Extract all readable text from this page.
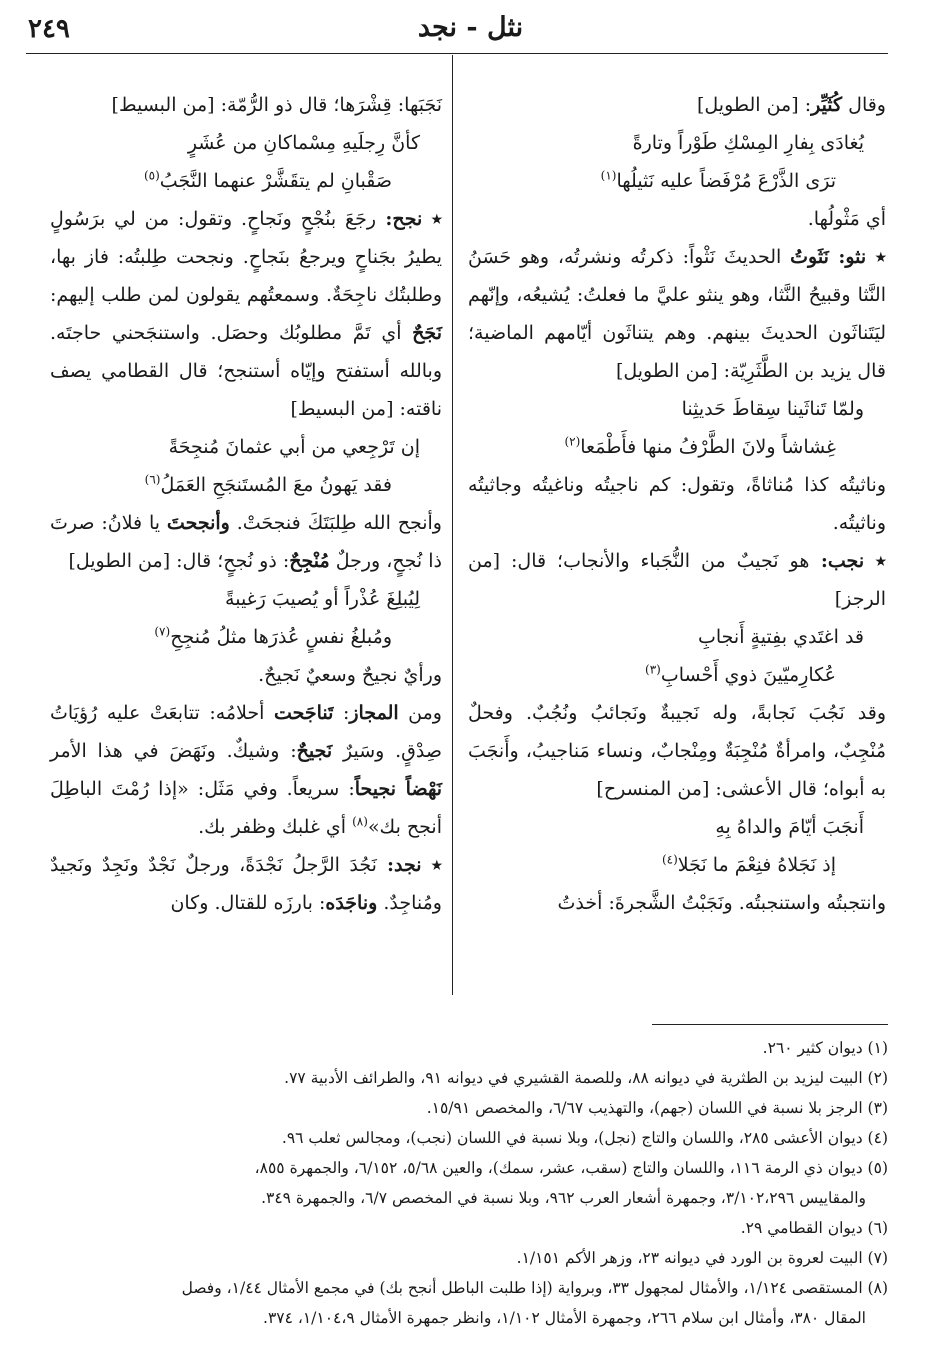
٢٤٩	نثل - نجد

وقال كُثَيِّر: [من الطويل]

يُغادَى بِفارِ المِسْكِ طَوْراً وتارةً

ترَى الذَّرْعَ مُرْفَضاً عليه نَثيلُها$^{(١)}$

أي مَثْولُها.

٭ نثو: نَثَوتُ الحديثَ نَثْواً: ذكرتُه ونشرتُه، وهو حَسَنُ النَّثا وقبيحُ النَّثا، وهو ينثو عليَّ ما فعلتُ: يُشيعُه، وإنّهم ليَتَناثَون الحديثَ بينهم. وهم يتناثَون أيّامهم الماضية؛ قال يزيد بن الطَّثَرِيّة: [من الطويل]

ولمّا تَناثَينا سِقاطَ حَديثِنا

غِشاشاً ولانَ الطَّرْفُ منها فأَطْمَعا$^{(٢)}$

وناثيتُه كذا مُناثاةً، وتقول: كم ناجيتُه وناغيتُه وجاثيتُه وناثيتُه.

٭ نجب: هو نَجيبٌ من النُّجَباء والأنجاب؛ قال: [من الرجز]

قد اغتَدي بفِتيةٍ أَنجابِ

عُكارِميّينَ ذوي أَحْسابِ$^{(٣)}$

وقد نَجُبَ نَجابةً، وله نَجيبةٌ ونَجائبُ ونُجُبٌ. وفحلٌ مُنْجِبٌ، وامرأةٌ مُنْجِبَةٌ ومِنْجابٌ، ونساء مَناجيبُ، وأَنجَبَ به أبواه؛ قال الأعشى: [من المنسرح]

أَنجَبَ أيّامَ والداهُ بِهِ

إذ نَجَلاهُ فنِعْمَ ما نَجَلا$^{(٤)}$

وانتجبتُه واستنجبتُه. ونَجَبْتُ الشَّجرةَ: أخذتُ

نَجَبَها: قِشْرَها؛ قال ذو الرُّمّة: [من البسيط]

كأنَّ رِجلَيهِ مِسْماكانِ من عُشَرٍ

صَقْبانِ لم يتقَشَّرْ عنهما النَّجَبُ$^{(٥)}$

٭ نجح: رجَعَ بنُجْحٍ ونَجاحٍ. وتقول: من لي برَسُولٍ يطيرُ بجَناحٍ ويرجعُ بنَجاحٍ. ونجحت طِلبتُه: فاز بها، وطلبتُك ناجِحَةٌ. وسمعتُهم يقولون لمن طلب إليهم: نَجَحٌ أي تَمَّ مطلوبُك وحصَل. واستنجَحني حاجتَه. وبالله أستفتح وإيّاه أستنجح؛ قال القطامي يصف ناقته: [من البسيط]

إن تَرْجِعي من أبي عثمانَ مُنجِحَةً

فقد يَهونُ معَ المُستَنجَحِ العَمَلُ$^{(٦)}$

وأنجح الله طِلبَتَكَ فنجحَتْ. وأنجحتَ يا فلانُ: صرتَ ذا نُجحٍ، ورجلٌ مُنْجِحٌ: ذو نُجحٍ؛ قال: [من الطويل]

لِيُبلِغَ عُذْراً أو يُصيبَ رَغيبةً

ومُبلغُ نفسٍ عُذرَها مثلُ مُنجِحِ$^{(٧)}$

ورأيٌ نجيحٌ وسعيٌ نَجيحٌ.

ومن المجاز: تَناجَحت أحلامُه: تتابعَتْ عليه رُؤيَاتُ صِدْقٍ. وسَيرٌ نَجيحٌ: وشيكٌ. ونَهَضَ في هذا الأمر نَهْضاً نجيحاً: سريعاً. وفي مَثَل: «إذا رُمْتَ الباطِلَ أنجح بك»$^{(٨)}$ أي غلبك وظفر بك.

٭ نجد: نَجُدَ الرَّجلُ نَجْدَةً، ورجلٌ نَجْدٌ ونَجِدٌ ونَجيدٌ ومُناجِدٌ. وناجَدَه: بارزَه للقتال. وكان

(١) ديوان كثير ٢٦٠.

(٢) البيت ليزيد بن الطثرية في ديوانه ٨٨، وللصمة القشيري في ديوانه ٩١، والطرائف الأدبية ٧٧.

(٣) الرجز بلا نسبة في اللسان (جهم)، والتهذيب ٦/٦٧، والمخصص ١٥/٩١.

(٤) ديوان الأعشى ٢٨٥، واللسان والتاج (نجل)، وبلا نسبة في اللسان (نجب)، ومجالس ثعلب ٩٦.

(٥) ديوان ذي الرمة ١١٦، واللسان والتاج (سقب، عشر، سمك)، والعين ٥/٦٨، ٦/١٥٢، والجمهرة ٨٥٥،

والمقاييس ٣/١٠٢،٢٩٦، وجمهرة أشعار العرب ٩٦٢، وبلا نسبة في المخصص ٦/٧، والجمهرة ٣٤٩.

(٦) ديوان القطامي ٢٩.

(٧) البيت لعروة بن الورد في ديوانه ٢٣، وزهر الأكم ١/١٥١.

(٨) المستقصى ١/١٢٤، والأمثال لمجهول ٣٣، وبرواية (إذا طلبت الباطل أنجح بك) في مجمع الأمثال ١/٤٤، وفصل

المقال ٣٨٠، وأمثال ابن سلام ٢٦٦، وجمهرة الأمثال ١/١٠٢، وانظر جمهرة الأمثال ١/١٠٤،٩، ٣٧٤.
